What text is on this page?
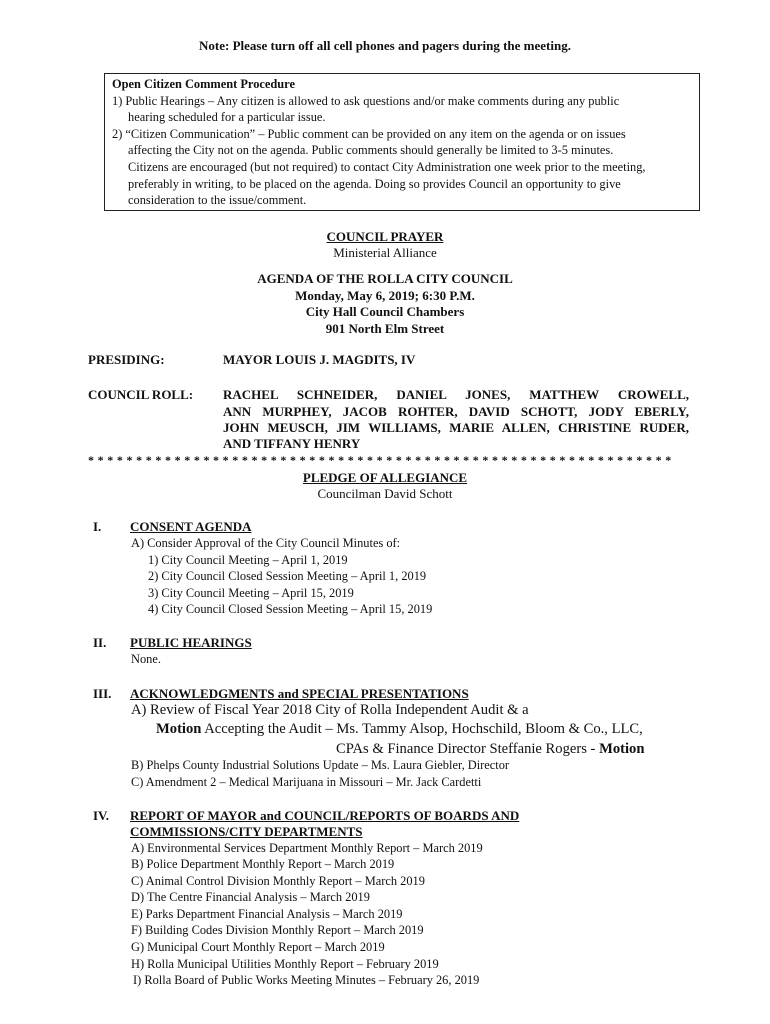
Note: Please turn off all cell phones and pagers during the meeting.
Open Citizen Comment Procedure
1) Public Hearings – Any citizen is allowed to ask questions and/or make comments during any public
hearing scheduled for a particular issue.
2) “Citizen Communication” – Public comment can be provided on any item on the agenda or on issues
affecting the City not on the agenda. Public comments should generally be limited to 3-5 minutes.
Citizens are encouraged (but not required) to contact City Administration one week prior to the meeting,
preferably in writing, to be placed on the agenda. Doing so provides Council an opportunity to give
consideration to the issue/comment.
COUNCIL PRAYER
Ministerial Alliance
AGENDA OF THE ROLLA CITY COUNCIL
Monday, May 6, 2019; 6:30 P.M.
City Hall Council Chambers
901 North Elm Street
PRESIDING:	MAYOR LOUIS J. MAGDITS, IV
COUNCIL ROLL: RACHEL SCHNEIDER, DANIEL JONES, MATTHEW CROWELL,
ANN MURPHEY, JACOB ROHTER, DAVID SCHOTT, JODY EBERLY,
JOHN MEUSCH, JIM WILLIAMS, MARIE ALLEN, CHRISTINE RUDER,
AND TIFFANY HENRY
*************************************************************
PLEDGE OF ALLEGIANCE
Councilman David Schott
I. CONSENT AGENDA
A) Consider Approval of the City Council Minutes of:
1) City Council Meeting – April 1, 2019
2) City Council Closed Session Meeting – April 1, 2019
3) City Council Meeting – April 15, 2019
4) City Council Closed Session Meeting – April 15, 2019
II. PUBLIC HEARINGS
None.
III. ACKNOWLEDGMENTS and SPECIAL PRESENTATIONS
A) Review of Fiscal Year 2018 City of Rolla Independent Audit & a
Motion Accepting the Audit – Ms. Tammy Alsop, Hochschild, Bloom & Co., LLC,
CPAs & Finance Director Steffanie Rogers - Motion
B) Phelps County Industrial Solutions Update – Ms. Laura Giebler, Director
C) Amendment 2 – Medical Marijuana in Missouri – Mr. Jack Cardetti
IV. REPORT OF MAYOR and COUNCIL/REPORTS OF BOARDS AND
COMMISSIONS/CITY DEPARTMENTS
A) Environmental Services Department Monthly Report – March 2019
B) Police Department Monthly Report – March 2019
C) Animal Control Division Monthly Report – March 2019
D) The Centre Financial Analysis – March 2019
E) Parks Department Financial Analysis – March 2019
F) Building Codes Division Monthly Report – March 2019
G) Municipal Court Monthly Report – March 2019
H) Rolla Municipal Utilities Monthly Report – February 2019
I) Rolla Board of Public Works Meeting Minutes – February 26, 2019
